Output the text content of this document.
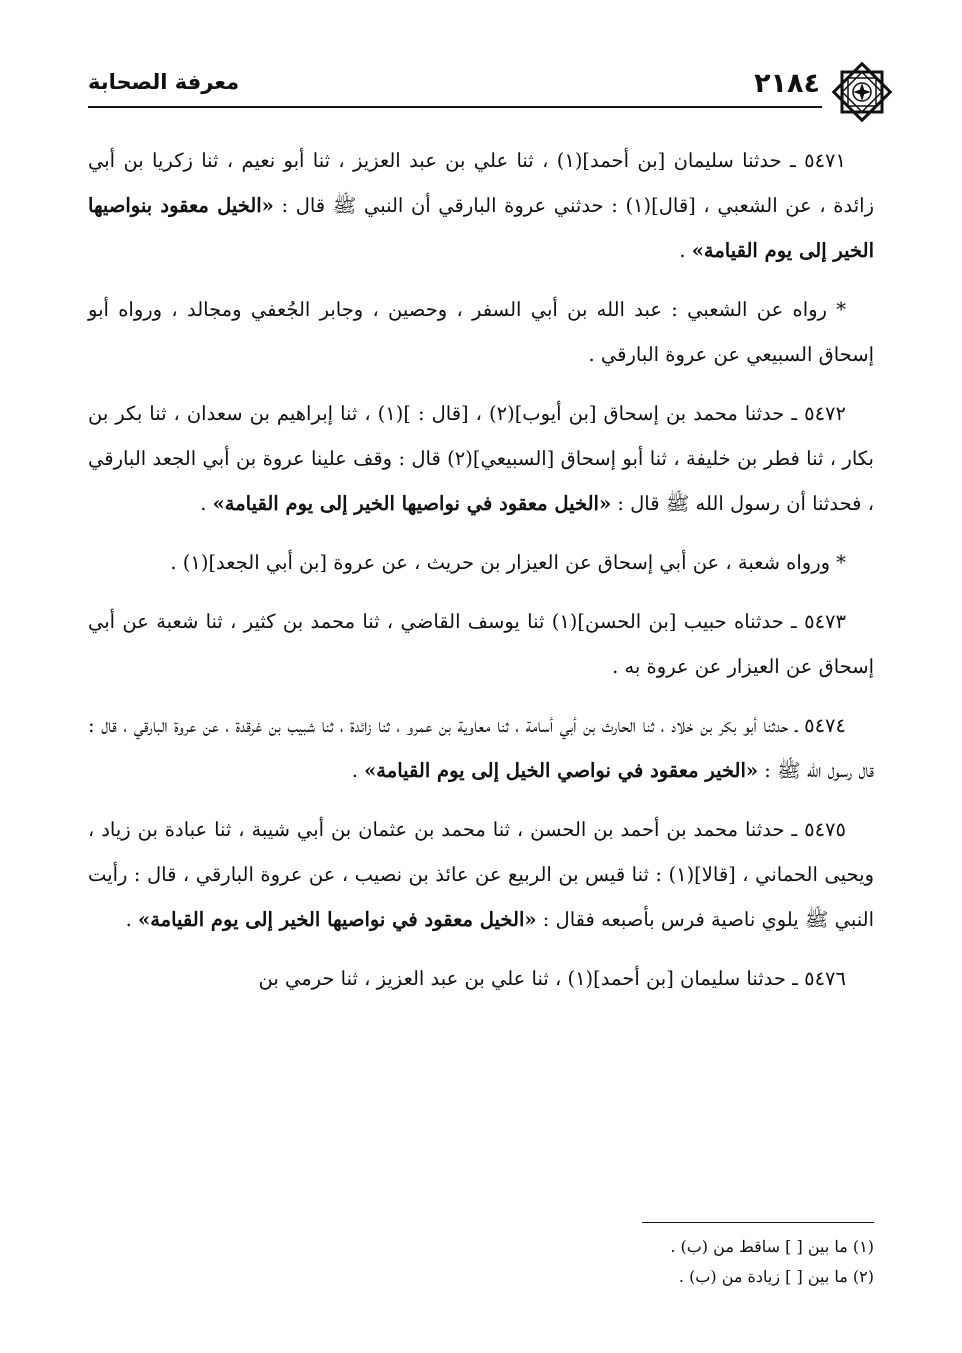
٢١٨٤
معرفة الصحابة

٥٤٧١ ـ حدثنا سليمان [بن أحمد](١) ، ثنا علي بن عبد العزيز ، ثنا أبو نعيم ، ثنا زكريا بن أبي زائدة ، عن الشعبي ، [قال](١) : حدثني عروة البارقي أن النبي ﷺ قال : «الخيل معقود بنواصيها الخير إلى يوم القيامة» .

* رواه عن الشعبي : عبد الله بن أبي السفر ، وحصين ، وجابر الجُعفي ومجالد ، ورواه أبو إسحاق السبيعي عن عروة البارقي .

٥٤٧٢ ـ حدثنا محمد بن إسحاق [بن أيوب](٢) ، [قال : ](١) ، ثنا إبراهيم بن سعدان ، ثنا بكر بن بكار ، ثنا فطر بن خليفة ، ثنا أبو إسحاق [السبيعي](٢) قال : وقف علينا عروة بن أبي الجعد البارقي ، فحدثنا أن رسول الله ﷺ قال : «الخيل معقود في نواصيها الخير إلى يوم القيامة» .

* ورواه شعبة ، عن أبي إسحاق عن العيزار بن حريث ، عن عروة [بن أبي الجعد](١) .

٥٤٧٣ ـ حدثناه حبيب [بن الحسن](١) ثنا يوسف القاضي ، ثنا محمد بن كثير ، ثنا شعبة عن أبي إسحاق عن العيزار عن عروة به .

٥٤٧٤ ـ حدثنا أبو بكر بن خلاد ، ثنا الحارث بن أبي أسامة ، ثنا معاوية بن عمرو ، ثنا زائدة ، ثنا شبيب بن غرقدة ، عن عروة البارقي ، قال : قال رسول الله ﷺ : «الخير معقود في نواصي الخيل إلى يوم القيامة» .

٥٤٧٥ ـ حدثنا محمد بن أحمد بن الحسن ، ثنا محمد بن عثمان بن أبي شيبة ، ثنا عبادة بن زياد ، ويحيى الحماني ، [قالا](١) : ثنا قيس بن الربيع عن عائذ بن نصيب ، عن عروة البارقي ، قال : رأيت النبي ﷺ يلوي ناصية فرس بأصبعه فقال : «الخيل معقود في نواصيها الخير إلى يوم القيامة» .

٥٤٧٦ ـ حدثنا سليمان [بن أحمد](١) ، ثنا علي بن عبد العزيز ، ثنا حرمي بن

(١) ما بين [ ] ساقط من (ب) .
(٢) ما بين [ ] زيادة من (ب) .
